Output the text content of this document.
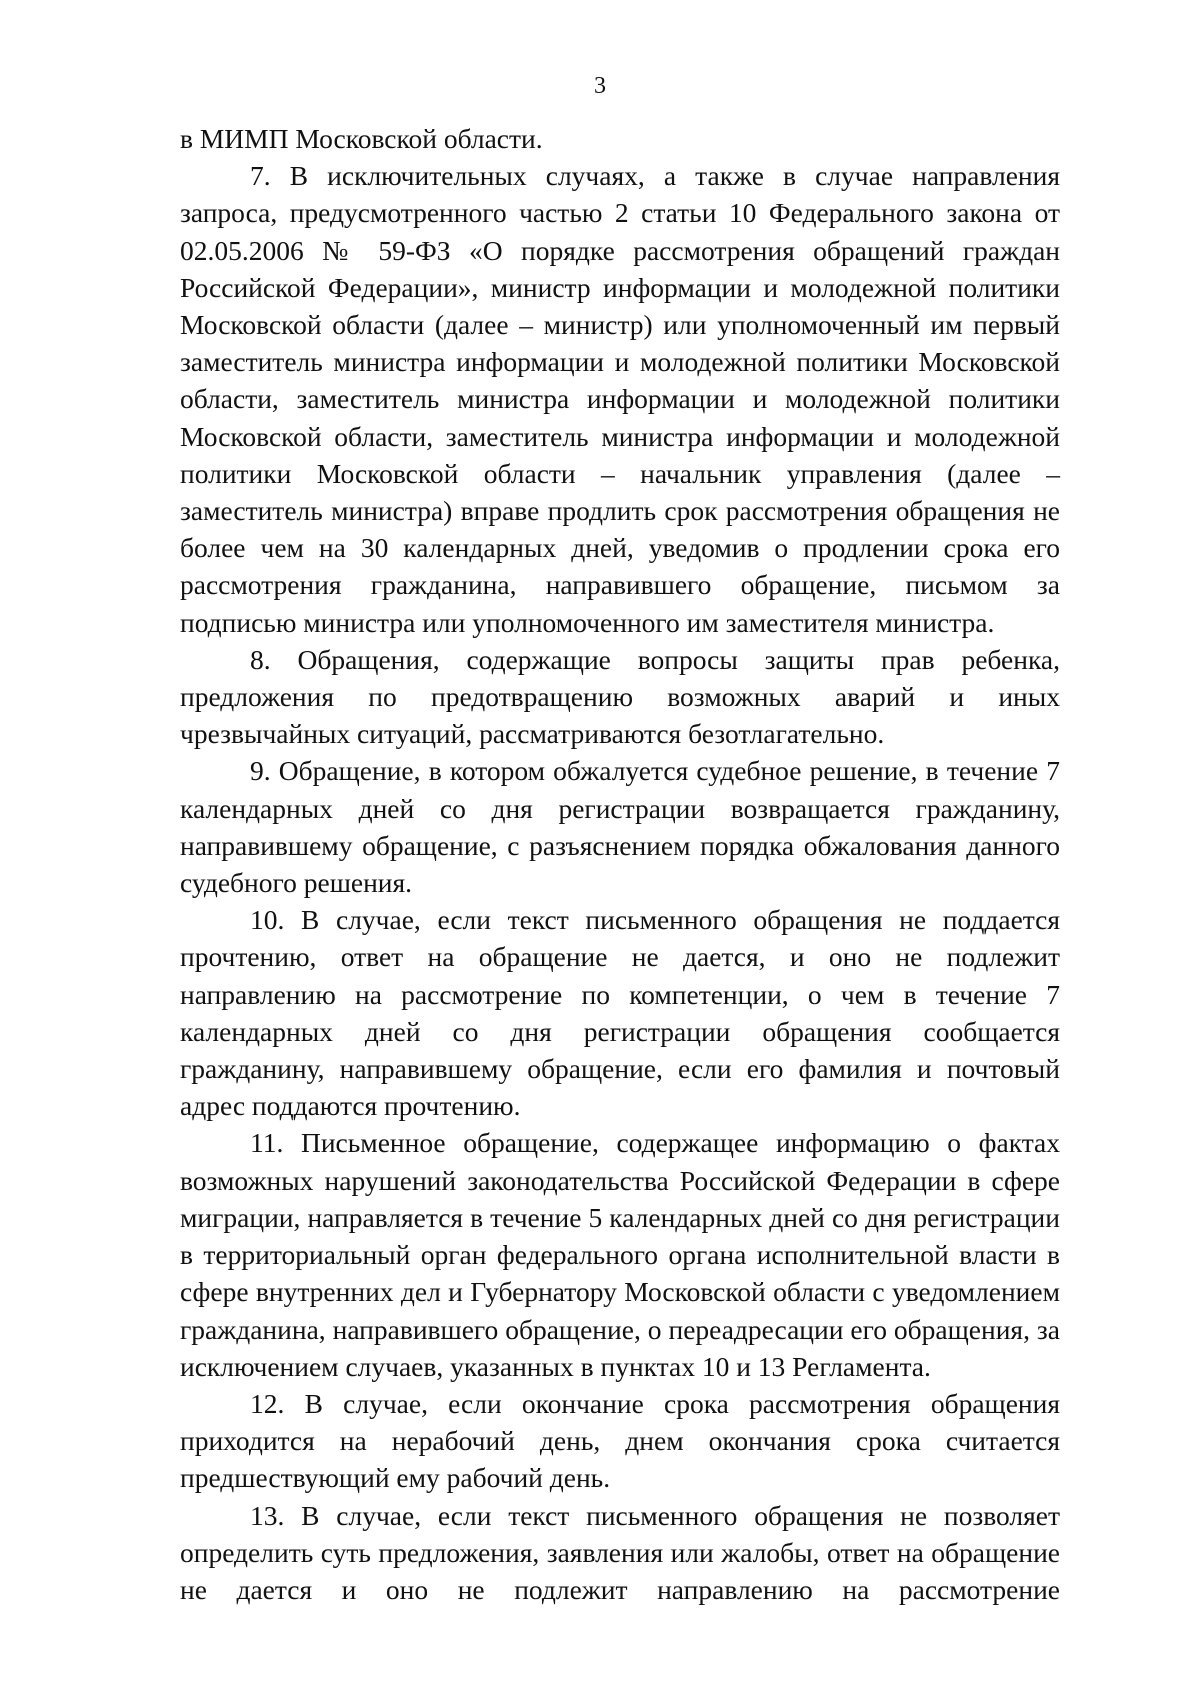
3

в МИМП Московской области.

7. В исключительных случаях, а также в случае направления запроса, предусмотренного частью 2 статьи 10 Федерального закона от 02.05.2006 № 59-ФЗ «О порядке рассмотрения обращений граждан Российской Федерации», министр информации и молодежной политики Московской области (далее – министр) или уполномоченный им первый заместитель министра информации и молодежной политики Московской области, заместитель министра информации и молодежной политики Московской области, заместитель министра информации и молодежной политики Московской области – начальник управления (далее – заместитель министра) вправе продлить срок рассмотрения обращения не более чем на 30 календарных дней, уведомив о продлении срока его рассмотрения гражданина, направившего обращение, письмом за подписью министра или уполномоченного им заместителя министра.

8. Обращения, содержащие вопросы защиты прав ребенка, предложения по предотвращению возможных аварий и иных чрезвычайных ситуаций, рассматриваются безотлагательно.

9. Обращение, в котором обжалуется судебное решение, в течение 7 календарных дней со дня регистрации возвращается гражданину, направившему обращение, с разъяснением порядка обжалования данного судебного решения.

10. В случае, если текст письменного обращения не поддается прочтению, ответ на обращение не дается, и оно не подлежит направлению на рассмотрение по компетенции, о чем в течение 7 календарных дней со дня регистрации обращения сообщается гражданину, направившему обращение, если его фамилия и почтовый адрес поддаются прочтению.

11. Письменное обращение, содержащее информацию о фактах возможных нарушений законодательства Российской Федерации в сфере миграции, направляется в течение 5 календарных дней со дня регистрации в территориальный орган федерального органа исполнительной власти в сфере внутренних дел и Губернатору Московской области с уведомлением гражданина, направившего обращение, о переадресации его обращения, за исключением случаев, указанных в пунктах 10 и 13 Регламента.

12. В случае, если окончание срока рассмотрения обращения приходится на нерабочий день, днем окончания срока считается предшествующий ему рабочий день.

13. В случае, если текст письменного обращения не позволяет определить суть предложения, заявления или жалобы, ответ на обращение не дается и оно не подлежит направлению на рассмотрение
